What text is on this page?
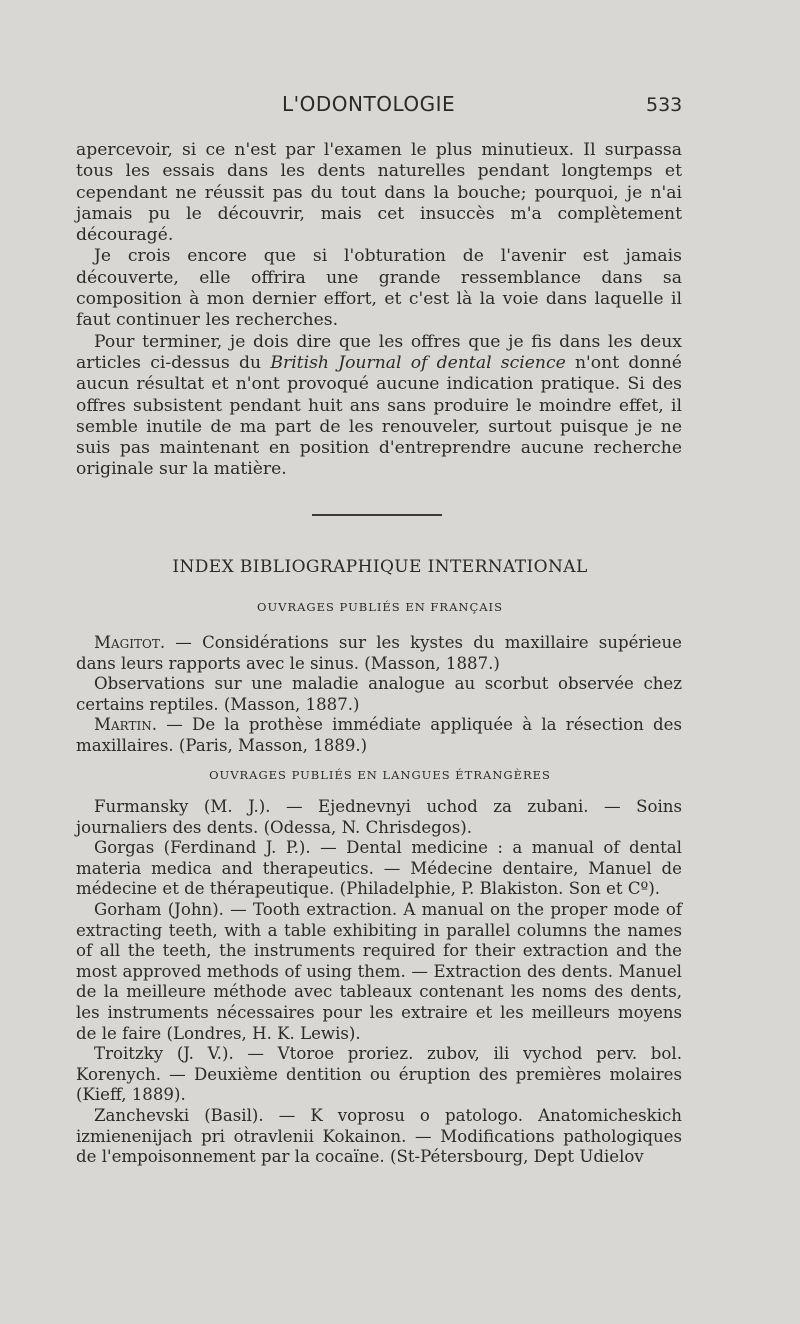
L'ODONTOLOGIE	533

apercevoir, si ce n'est par l'examen le plus minutieux. Il surpassa tous les essais dans les dents naturelles pendant longtemps et cependant ne réussit pas du tout dans la bouche; pourquoi, je n'ai jamais pu le découvrir, mais cet insuccès m'a complètement découragé.

Je crois encore que si l'obturation de l'avenir est jamais découverte, elle offrira une grande ressemblance dans sa composition à mon dernier effort, et c'est là la voie dans laquelle il faut continuer les recherches.

Pour terminer, je dois dire que les offres que je fis dans les deux articles ci-dessus du British Journal of dental science n'ont donné aucun résultat et n'ont provoqué aucune indication pratique. Si des offres subsistent pendant huit ans sans produire le moindre effet, il semble inutile de ma part de les renouveler, surtout puisque je ne suis pas maintenant en position d'entreprendre aucune recherche originale sur la matière.

INDEX BIBLIOGRAPHIQUE INTERNATIONAL
OUVRAGES PUBLIÉS EN FRANÇAIS

Magitot. — Considérations sur les kystes du maxillaire supérieue dans leurs rapports avec le sinus. (Masson, 1887.)

Observations sur une maladie analogue au scorbut observée chez certains reptiles. (Masson, 1887.)

Martin. — De la prothèse immédiate appliquée à la résection des maxillaires. (Paris, Masson, 1889.)

OUVRAGES PUBLIÉS EN LANGUES ÉTRANGÈRES

Furmansky (M. J.). — Ejednevnyi uchod za zubani. — Soins journaliers des dents. (Odessa, N. Chrisdegos).

Gorgas (Ferdinand J. P.). — Dental medicine : a manual of dental materia medica and therapeutics. — Médecine dentaire, Manuel de médecine et de thérapeutique. (Philadelphie, P. Blakiston. Son et Cº).

Gorham (John). — Tooth extraction. A manual on the proper mode of extracting teeth, with a table exhibiting in parallel columns the names of all the teeth, the instruments required for their extraction and the most approved methods of using them. — Extraction des dents. Manuel de la meilleure méthode avec tableaux contenant les noms des dents, les instruments nécessaires pour les extraire et les meilleurs moyens de le faire (Londres, H. K. Lewis).

Troitzky (J. V.). — Vtoroe proriez. zubov, ili vychod perv. bol. Korenych. — Deuxième dentition ou éruption des premières molaires (Kieff, 1889).

Zanchevski (Basil). — K voprosu o patologo. Anatomicheskich izmienenijach pri otravlenii Kokainon. — Modifications pathologiques de l'empoisonnement par la cocaïne. (St-Pétersbourg, Dept Udielov
